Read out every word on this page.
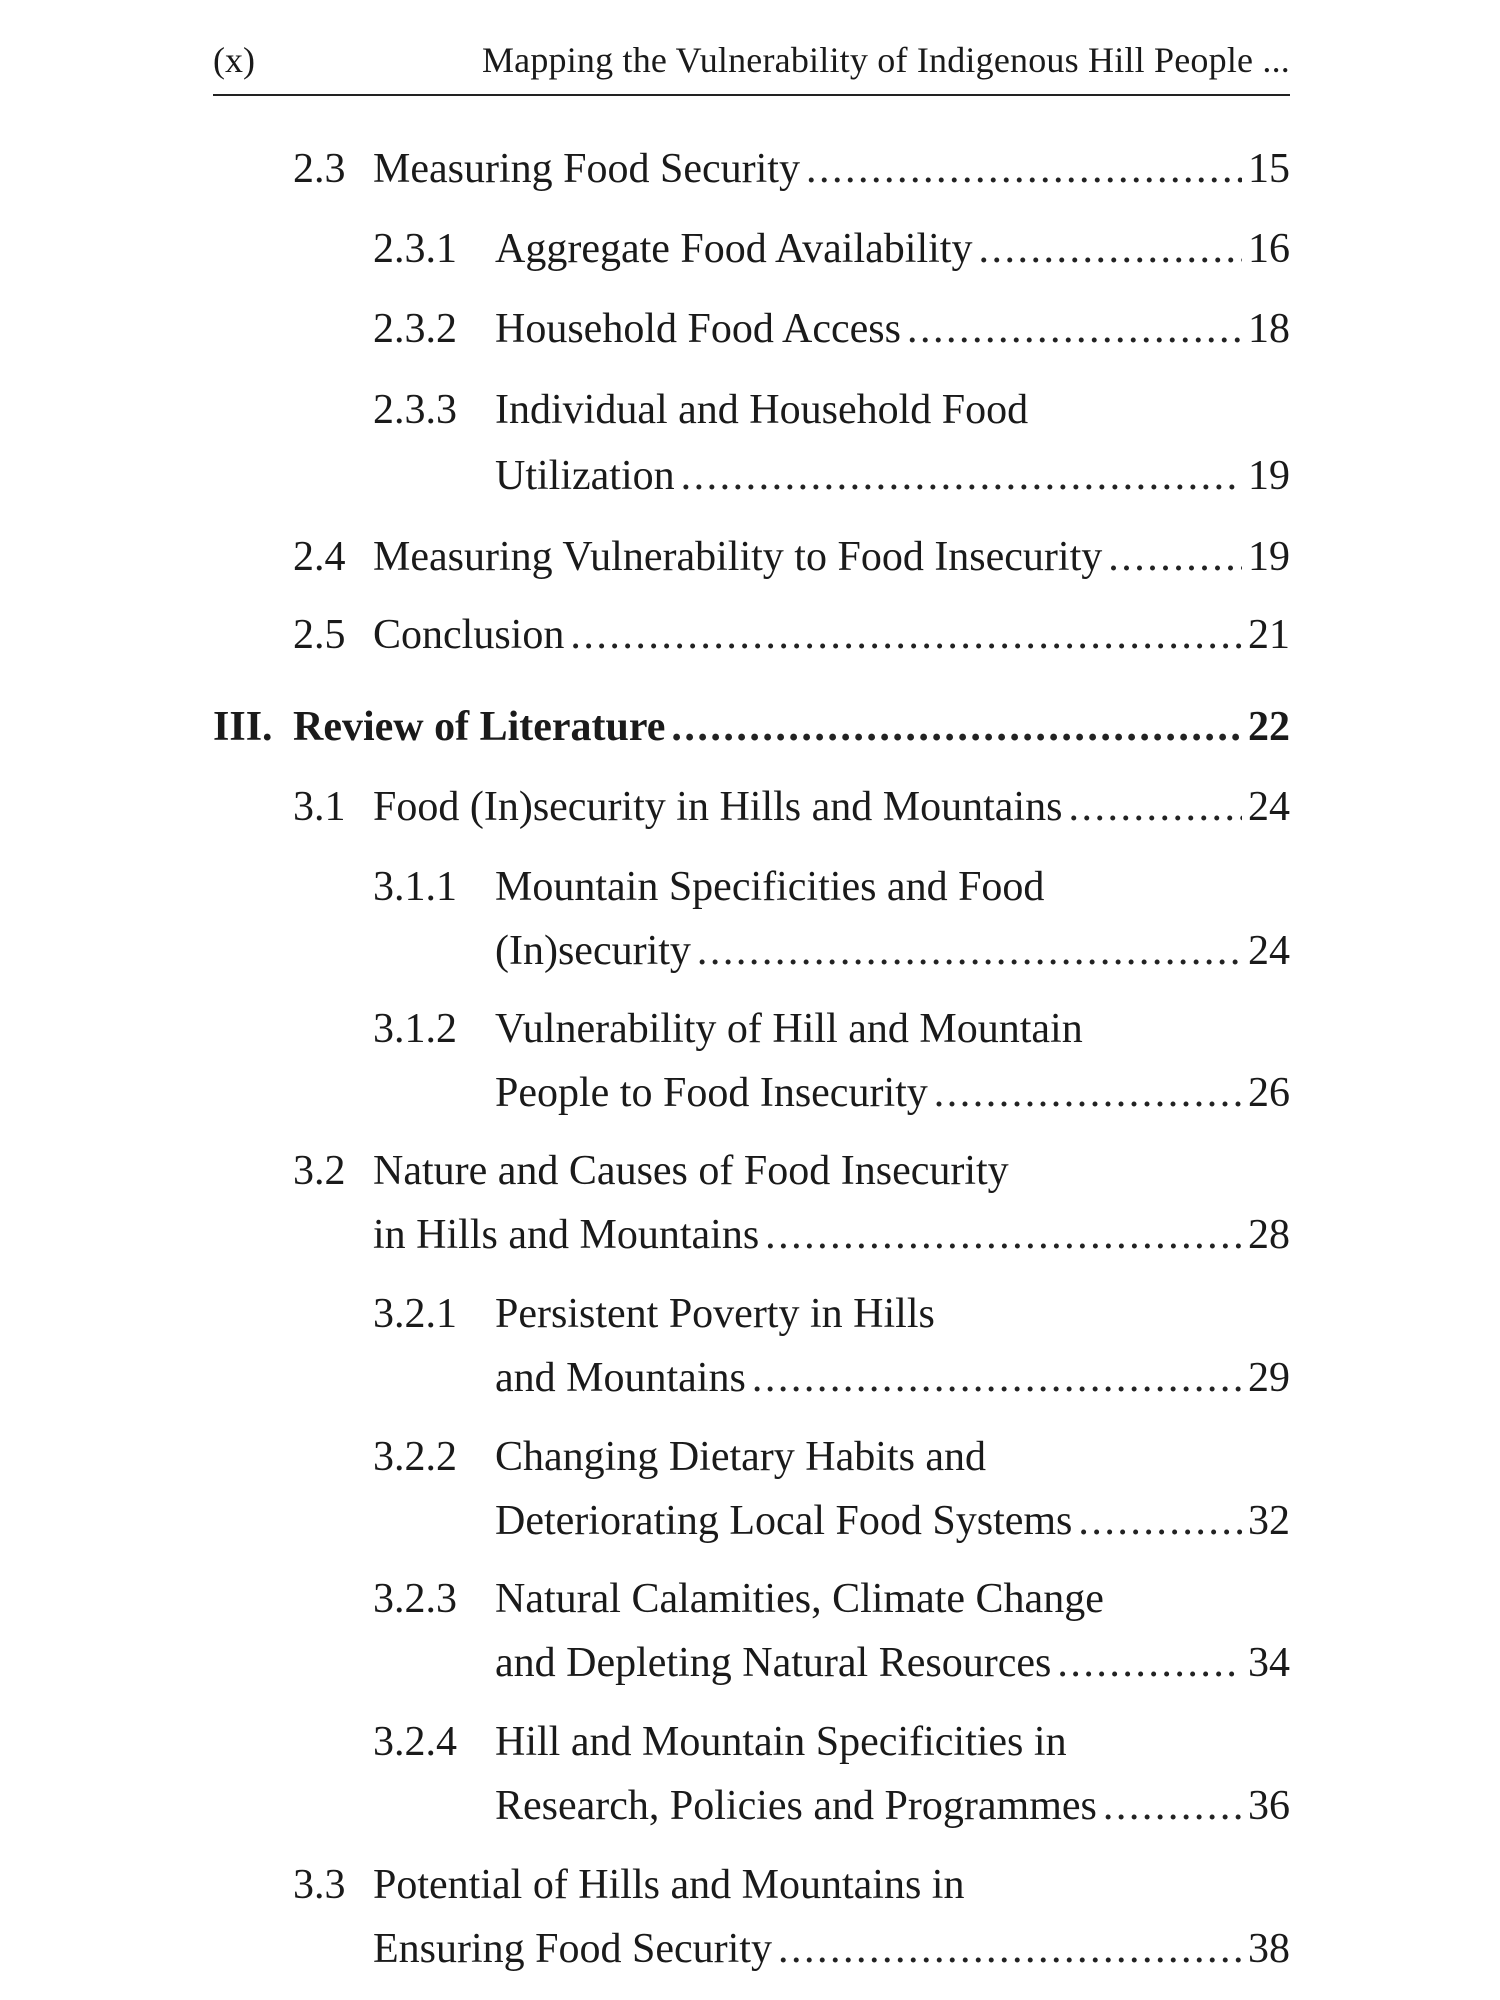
(x)	Mapping the Vulnerability of Indigenous Hill People ...
2.3 Measuring Food Security . . .	15
2.3.1 Aggregate Food Availability . . .	16
2.3.2 Household Food Access . . .	18
2.3.3 Individual and Household Food
Utilization . . .	19
2.4 Measuring Vulnerability to Food Insecurity . . .	19
2.5 Conclusion . . .	21
III. Review of Literature . . .	22
3.1 Food (In)security in Hills and Mountains . . .	24
3.1.1 Mountain Specificities and Food
(In)security . . .	24
3.1.2 Vulnerability of Hill and Mountain
People to Food Insecurity . . .	26
3.2 Nature and Causes of Food Insecurity
in Hills and Mountains . . .	28
3.2.1 Persistent Poverty in Hills
and Mountains . . .	29
3.2.2 Changing Dietary Habits and
Deteriorating Local Food Systems . . .	32
3.2.3 Natural Calamities, Climate Change
and Depleting Natural Resources . . .	34
3.2.4 Hill and Mountain Specificities in
Research, Policies and Programmes . . .	36
3.3 Potential of Hills and Mountains in
Ensuring Food Security . . .	38
